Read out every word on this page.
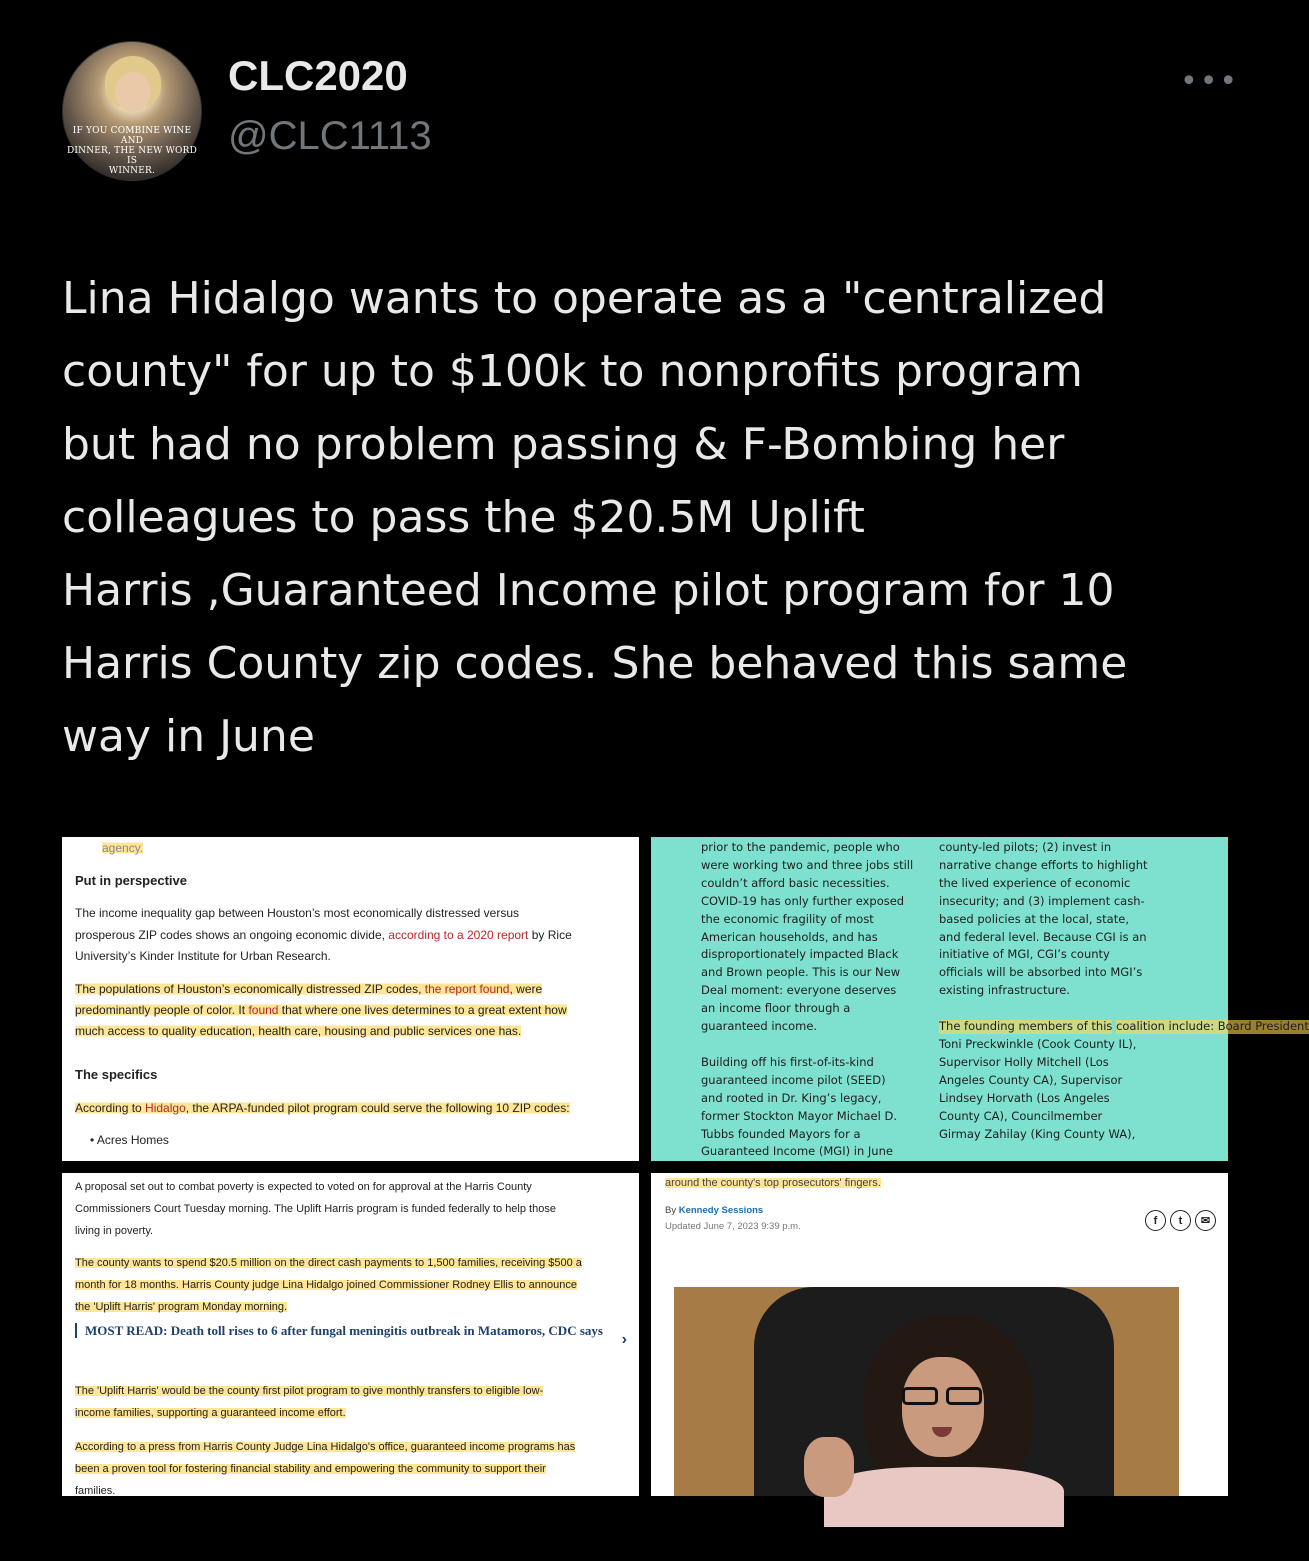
IF YOU COMBINE WINE AND
DINNER, THE NEW WORD IS
WINNER.
CLC2020
@CLC1113
•••
Lina Hidalgo wants to operate as a "centralized
county" for up to $100k to nonprofits program
but had no problem passing & F-Bombing her
colleagues to pass the $20.5M Uplift
Harris ,Guaranteed Income pilot program for 10
Harris County zip codes. She behaved this same
way in June
agency.
Put in perspective
The income inequality gap between Houston’s most economically distressed versus
prosperous ZIP codes shows an ongoing economic divide, according to a 2020 report by Rice
University’s Kinder Institute for Urban Research.
The populations of Houston’s economically distressed ZIP codes, the report found, were
predominantly people of color. It found that where one lives determines to a great extent how
much access to quality education, health care, housing and public services one has.
The specifics
According to Hidalgo, the ARPA-funded pilot program could serve the following 10 ZIP codes:
• Acres Homes
prior to the pandemic, people who
were working two and three jobs still
couldn’t afford basic necessities.
COVID-19 has only further exposed
the economic fragility of most
American households, and has
disproportionately impacted Black
and Brown people. This is our New
Deal moment: everyone deserves
an income floor through a
guaranteed income.

Building off his first-of-its-kind
guaranteed income pilot (SEED)
and rooted in Dr. King’s legacy,
former Stockton Mayor Michael D.
Tubbs founded Mayors for a
Guaranteed Income (MGI) in June
county-led pilots; (2) invest in
narrative change efforts to highlight
the lived experience of economic
insecurity; and (3) implement cash-
based policies at the local, state,
and federal level. Because CGI is an
initiative of MGI, CGI’s county
officials will be absorbed into MGI’s
existing infrastructure.

The founding members of this coalition include: Board President
Toni Preckwinkle (Cook County IL),
Supervisor Holly Mitchell (Los
Angeles County CA), Supervisor
Lindsey Horvath (Los Angeles
County CA), Councilmember
Girmay Zahilay (King County WA),
A proposal set out to combat poverty is expected to voted on for approval at the Harris County
Commissioners Court Tuesday morning. The Uplift Harris program is funded federally to help those
living in poverty.
The county wants to spend $20.5 million on the direct cash payments to 1,500 families, receiving $500 a
month for 18 months. Harris County judge Lina Hidalgo joined Commissioner Rodney Ellis to announce
the 'Uplift Harris' program Monday morning.
MOST READ: Death toll rises to 6 after fungal meningitis outbreak in Matamoros, CDC says
›
The 'Uplift Harris' would be the county first pilot program to give monthly transfers to eligible low-
income families, supporting a guaranteed income effort.
According to a press from Harris County Judge Lina Hidalgo's office, guaranteed income programs has
been a proven tool for fostering financial stability and empowering the community to support their
families.
around the county's top prosecutors' fingers.
By Kennedy Sessions
Updated June 7, 2023 9:39 p.m.	f	t	✉
